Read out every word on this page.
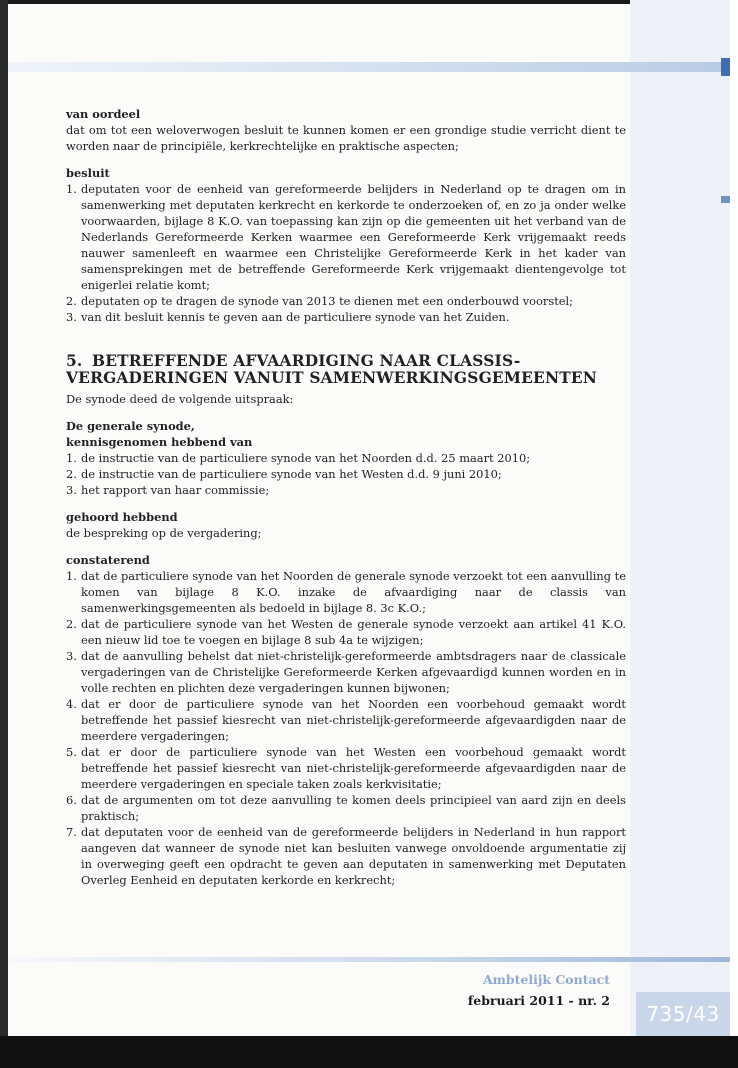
van oordeel

dat om tot een weloverwogen besluit te kunnen komen er een grondige studie verricht dient te worden naar de principiële, kerkrechtelijke en praktische aspecten;

besluit
1. deputaten voor de eenheid van gereformeerde belijders in Nederland op te dragen om in samenwerking met deputaten kerkrecht en kerkorde te onderzoeken of, en zo ja onder welke voorwaarden, bijlage 8 K.O. van toepassing kan zijn op die gemeenten uit het verband van de Nederlands Gereformeerde Kerken waarmee een Gereformeerde Kerk vrijgemaakt reeds nauwer samenleeft en waarmee een Christelijke Gereformeerde Kerk in het kader van samensprekingen met de betreffende Gereformeerde Kerk vrijgemaakt dientengevolge tot enigerlei relatie komt;
2. deputaten op te dragen de synode van 2013 te dienen met een onderbouwd voorstel;
3. van dit besluit kennis te geven aan de particuliere synode van het Zuiden.
5. BETREFFENDE AFVAARDIGING NAAR CLASSIS-
VERGADERINGEN VANUIT SAMENWERKINGSGEMEENTEN

De synode deed de volgende uitspraak:

De generale synode,
kennisgenomen hebbend van
1. de instructie van de particuliere synode van het Noorden d.d. 25 maart 2010;
2. de instructie van de particuliere synode van het Westen d.d. 9 juni 2010;
3. het rapport van haar commissie;
gehoord hebbend

de bespreking op de vergadering;

constaterend
1. dat de particuliere synode van het Noorden de generale synode verzoekt tot een aanvulling te komen van bijlage 8 K.O. inzake de afvaardiging naar de classis van samenwerkingsgemeenten als bedoeld in bijlage 8. 3c K.O.;
2. dat de particuliere synode van het Westen de generale synode verzoekt aan artikel 41 K.O. een nieuw lid toe te voegen en bijlage 8 sub 4a te wijzigen;
3. dat de aanvulling behelst dat niet-christelijk-gereformeerde ambtsdragers naar de classicale vergaderingen van de Christelijke Gereformeerde Kerken afgevaardigd kunnen worden en in volle rechten en plichten deze vergaderingen kunnen bijwonen;
4. dat er door de particuliere synode van het Noorden een voorbehoud gemaakt wordt betreffende het passief kiesrecht van niet-christelijk-gereformeerde afgevaardigden naar de meerdere vergaderingen;
5. dat er door de particuliere synode van het Westen een voorbehoud gemaakt wordt betreffende het passief kiesrecht van niet-christelijk-gereformeerde afgevaardigden naar de meerdere vergaderingen en speciale taken zoals kerkvisitatie;
6. dat de argumenten om tot deze aanvulling te komen deels principieel van aard zijn en deels praktisch;
7. dat deputaten voor de eenheid van de gereformeerde belijders in Nederland in hun rapport aangeven dat wanneer de synode niet kan besluiten vanwege onvoldoende argumentatie zij in overweging geeft een opdracht te geven aan deputaten in samenwerking met Deputaten Overleg Eenheid en deputaten kerkorde en kerkrecht;
Ambtelijk Contact
februari 2011 - nr. 2
735/43
